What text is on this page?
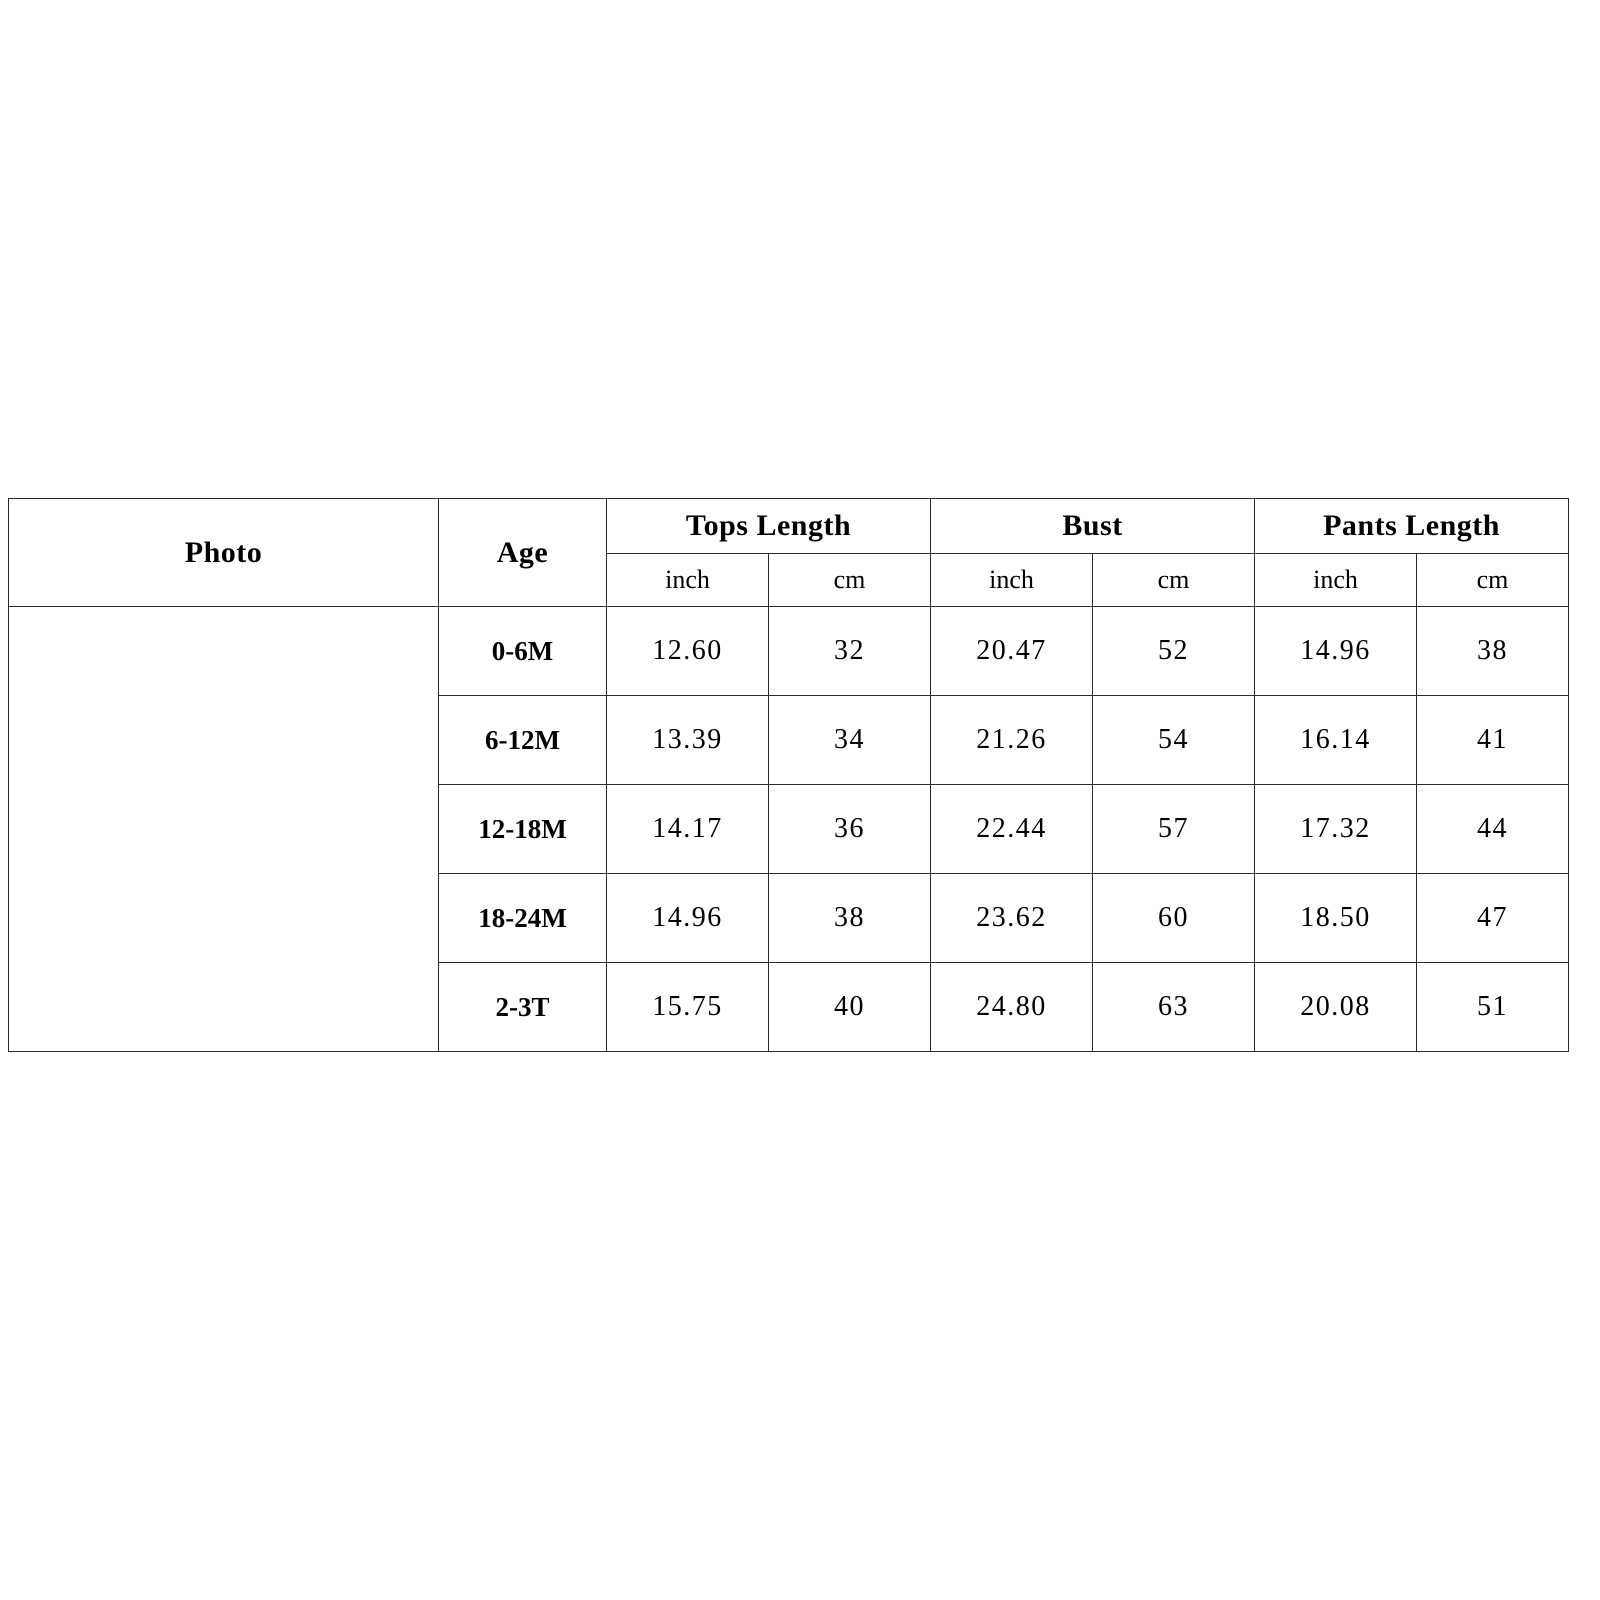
Photo	Age	Tops Length		Bust		Pants Length	
		inch	cm	inch	cm	inch	cm

	0-6M	12.60	32	20.47	52	14.96	38
	6-12M	13.39	34	21.26	54	16.14	41
	12-18M	14.17	36	22.44	57	17.32	44
	18-24M	14.96	38	23.62	60	18.50	47
	2-3T	15.75	40	24.80	63	20.08	51
